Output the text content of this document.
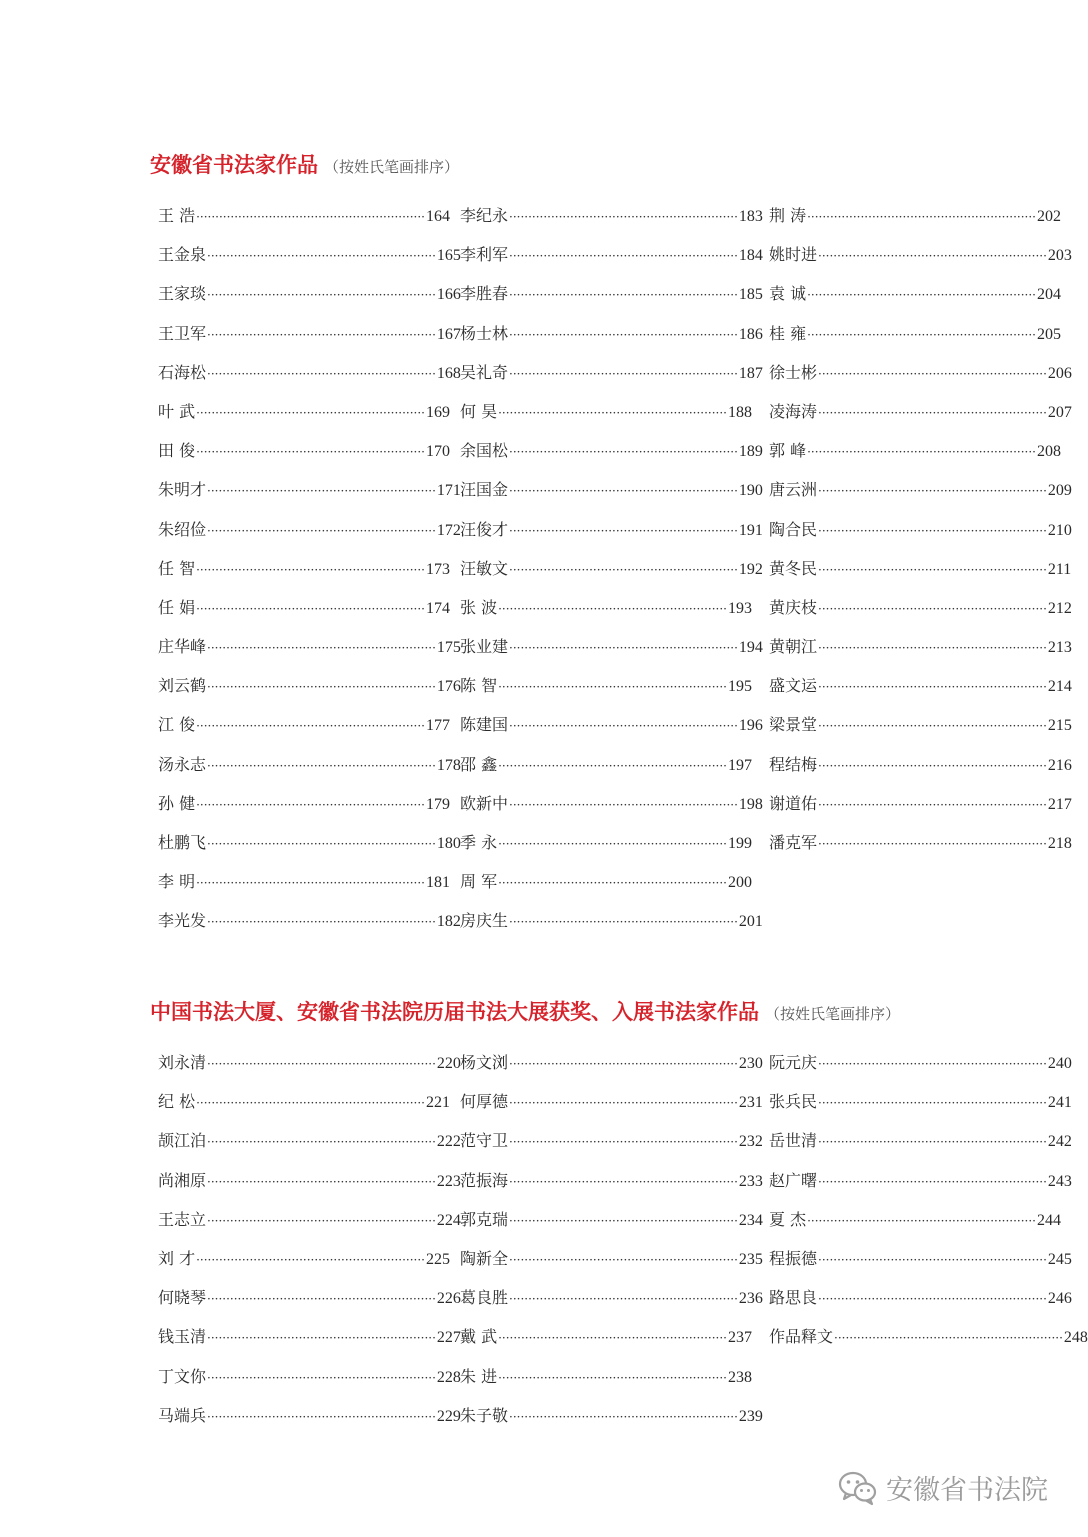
安徽省书法家作品 （按姓氏笔画排序）
王 浩 ···························································· 164
王金泉 ···························································· 165
王家琰 ···························································· 166
王卫军 ···························································· 167
石海松 ···························································· 168
叶 武 ···························································· 169
田 俊 ···························································· 170
朱明才 ···························································· 171
朱绍俭 ···························································· 172
任 智 ···························································· 173
任 娟 ···························································· 174
庄华峰 ···························································· 175
刘云鹤 ···························································· 176
江 俊 ···························································· 177
汤永志 ···························································· 178
孙 健 ···························································· 179
杜鹏飞 ···························································· 180
李 明 ···························································· 181
李光发 ···························································· 182
李纪永 ···························································· 183
李利军 ···························································· 184
李胜春 ···························································· 185
杨士林 ···························································· 186
吴礼奇 ···························································· 187
何 昊 ···························································· 188
余国松 ···························································· 189
汪国金 ···························································· 190
汪俊才 ···························································· 191
汪敏文 ···························································· 192
张 波 ···························································· 193
张业建 ···························································· 194
陈 智 ···························································· 195
陈建国 ···························································· 196
邵 鑫 ···························································· 197
欧新中 ···························································· 198
季 永 ···························································· 199
周 军 ···························································· 200
房庆生 ···························································· 201
荆 涛 ···························································· 202
姚时进 ···························································· 203
袁 诚 ···························································· 204
桂 雍 ···························································· 205
徐士彬 ···························································· 206
凌海涛 ···························································· 207
郭 峰 ···························································· 208
唐云洲 ···························································· 209
陶合民 ···························································· 210
黄冬民 ···························································· 211
黄庆枝 ···························································· 212
黄朝江 ···························································· 213
盛文运 ···························································· 214
梁景堂 ···························································· 215
程结梅 ···························································· 216
谢道佑 ···························································· 217
潘克军 ···························································· 218
中国书法大厦、安徽省书法院历届书法大展获奖、入展书法家作品 （按姓氏笔画排序）
刘永清 ···························································· 220
纪 松 ···························································· 221
颉江泊 ···························································· 222
尚湘原 ···························································· 223
王志立 ···························································· 224
刘 才 ···························································· 225
何晓琴 ···························································· 226
钱玉清 ···························································· 227
丁文你 ···························································· 228
马端兵 ···························································· 229
杨文浏 ···························································· 230
何厚德 ···························································· 231
范守卫 ···························································· 232
范振海 ···························································· 233
郭克瑞 ···························································· 234
陶新全 ···························································· 235
葛良胜 ···························································· 236
戴 武 ···························································· 237
朱 进 ···························································· 238
朱子敬 ···························································· 239
阮元庆 ···························································· 240
张兵民 ···························································· 241
岳世清 ···························································· 242
赵广曙 ···························································· 243
夏 杰 ···························································· 244
程振德 ···························································· 245
路思良 ···························································· 246
作品释文 ···························································· 248
安徽省书法院
